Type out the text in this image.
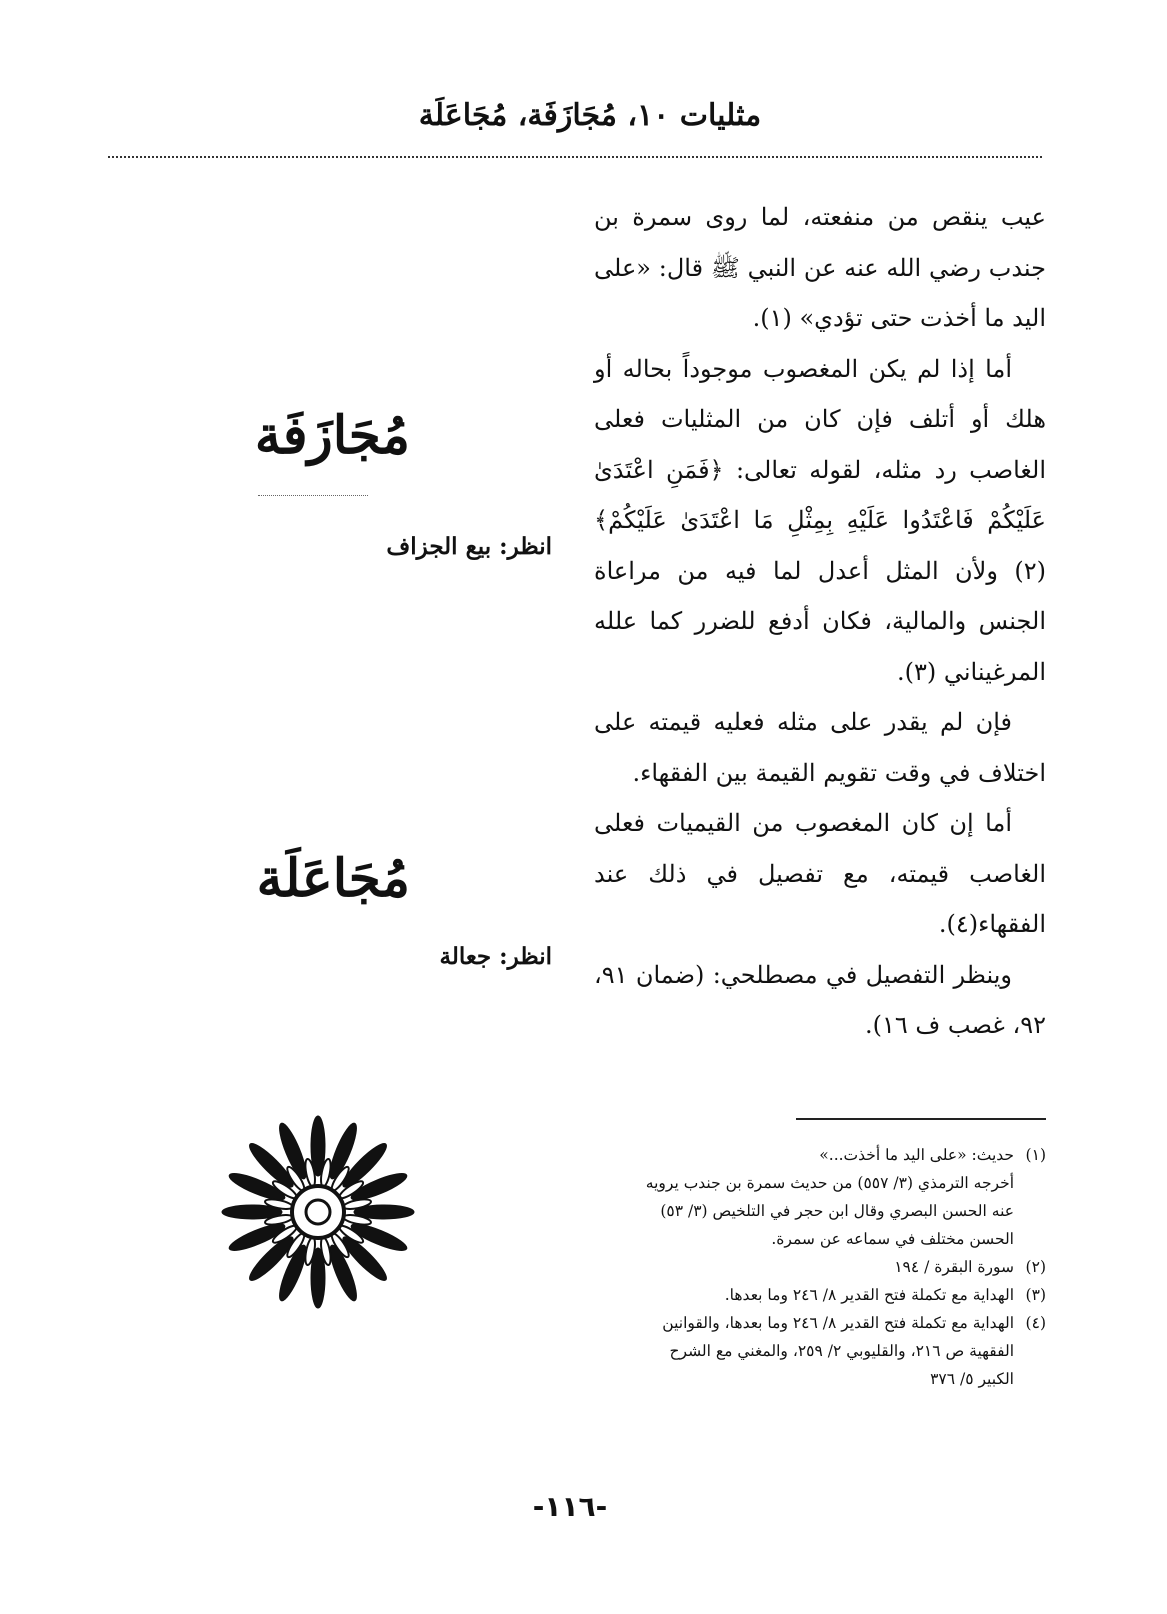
مثليات ١٠، مُجَازَفَة، مُجَاعَلَة

عيب ينقص من منفعته، لما روى سمرة بن جندب رضي الله عنه عن النبي ﷺ قال: «على اليد ما أخذت حتى تؤدي» (١).

أما إذا لم يكن المغصوب موجوداً بحاله أو هلك أو أتلف فإن كان من المثليات فعلى الغاصب رد مثله، لقوله تعالى: ﴿فَمَنِ اعْتَدَىٰ عَلَيْكُمْ فَاعْتَدُوا عَلَيْهِ بِمِثْلِ مَا اعْتَدَىٰ عَلَيْكُمْ﴾ (٢) ولأن المثل أعدل لما فيه من مراعاة الجنس والمالية، فكان أدفع للضرر كما علله المرغيناني (٣).

فإن لم يقدر على مثله فعليه قيمته على اختلاف في وقت تقويم القيمة بين الفقهاء.

أما إن كان المغصوب من القيميات فعلى الغاصب قيمته، مع تفصيل في ذلك عند الفقهاء(٤).

وينظر التفصيل في مصطلحي: (ضمان ٩١، ٩٢، غصب ف ١٦).

مُجَازَفَة
انظر: بيع الجزاف
مُجَاعَلَة
انظر: جعالة
(١)
حديث: «على اليد ما أخذت...»
أخرجه الترمذي (٣/ ٥٥٧) من حديث سمرة بن جندب يرويه
عنه الحسن البصري وقال ابن حجر في التلخيص (٣/ ٥٣)
الحسن مختلف في سماعه عن سمرة.
(٢)
سورة البقرة / ١٩٤
(٣)
الهداية مع تكملة فتح القدير ٨/ ٢٤٦ وما بعدها.
(٤)
الهداية مع تكملة فتح القدير ٨/ ٢٤٦ وما بعدها، والقوانين
الفقهية ص ٢١٦، والقليوبي ٢/ ٢٥٩، والمغني مع الشرح
الكبير ٥/ ٣٧٦
-١١٦-
